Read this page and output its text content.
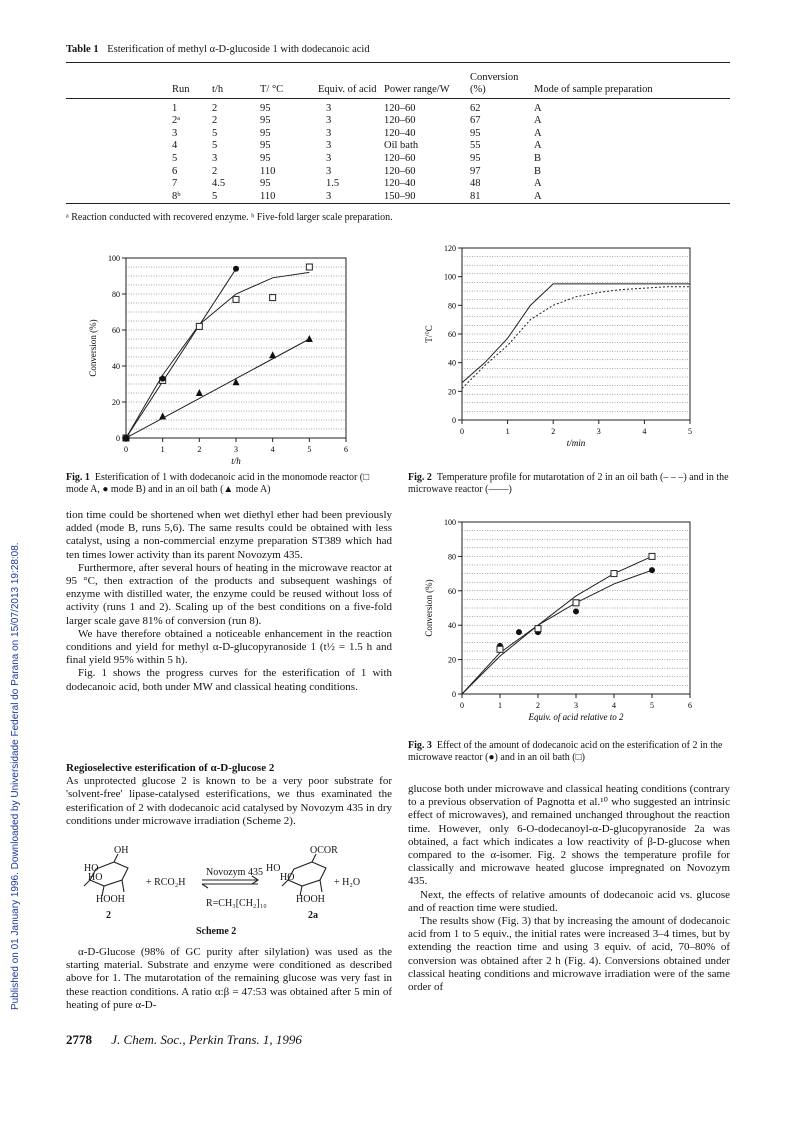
Published on 01 January 1996. Downloaded by Universidade Federal do Parana on 15/07/2013 19:28:08.
Table 1 Esterification of methyl α-D-glucoside 1 with dodecanoic acid
Run	t/h	T/ °C	Equiv. of acid	Power range/W	Conversion (%)	Mode of sample preparation
1	2	95	3	120–60	62	A
2ᵃ	2	95	3	120–60	67	A
3	5	95	3	120–40	95	A
4	5	95	3	Oil bath	55	A
5	3	95	3	120–60	95	B
6	2	110	3	120–60	97	B
7	4.5	95	1.5	120–40	48	A
8ᵇ	5	110	3	150–90	81	A
ᵃ Reaction conducted with recovered enzyme. ᵇ Five-fold larger scale preparation.
0	1	2	3	4	5	6
0
20
40
60
80
100
t/h
Conversion (%)
Fig. 1 Esterification of 1 with dodecanoic acid in the monomode reactor (□ mode A, ● mode B) and in an oil bath (▲ mode A)
0	1	2	3	4	5
0
20
40
60
80
100
120
t/min
T/°C
Fig. 2 Temperature profile for mutarotation of 2 in an oil bath (– – –) and in the microwave reactor (——)
0	1	2	3	4	5	6
0
20
40
60
80
100
Equiv. of acid relative to 2
Conversion (%)
Fig. 3 Effect of the amount of dodecanoic acid on the esterification of 2 in the microwave reactor (●) and in an oil bath (□)

tion time could be shortened when wet diethyl ether had been previously added (mode B, runs 5,6). The same results could be obtained with less catalyst, using a non-commercial enzyme preparation ST389 which had ten times lower activity than its parent Novozym 435.

Furthermore, after several hours of heating in the microwave reactor at 95 °C, then extraction of the products and subsequent washings of enzyme with distilled water, the enzyme could be reused without loss of activity (runs 1 and 2). Scaling up of the best conditions on a five-fold larger scale gave 81% of conversion (run 8).

We have therefore obtained a noticeable enhancement in the reaction conditions and yield for methyl α-D-glucopyranoside 1 (t½ = 1.5 h and final yield 95% within 5 h).

Fig. 1 shows the progress curves for the esterification of 1 with dodecanoic acid, both under MW and classical heating conditions.

Regioselective esterification of α-D-glucose 2

As unprotected glucose 2 is known to be a very poor substrate for 'solvent-free' lipase-catalysed esterifications, we thus examinated the esterification of 2 with dodecanoic acid catalysed by Novozym 435 in dry conditions under microwave irradiation (Scheme 2).

OH
HO
HO
HOOH
2
+ RCO₂H
Novozym 435
OCOR
HO
HO
HOOH
2a
+ H₂O
R=CH₃[CH₂]₁₀
Scheme 2

α-D-Glucose (98% of GC purity after silylation) was used as the starting material. Substrate and enzyme were conditioned as described above for 1. The mutarotation of the remaining glucose was very fast in these reaction conditions. A ratio α:β = 47:53 was obtained after 5 min of heating of pure α-D-

glucose both under microwave and classical heating conditions (contrary to a previous observation of Pagnotta et al.¹⁰ who suggested an intrinsic effect of microwaves), and remained unchanged throughout the reaction time. However, only 6-O-dodecanoyl-α-D-glucopyranoside 2a was obtained, a fact which indicates a low reactivity of β-D-glucose when compared to the α-isomer. Fig. 2 shows the temperature profile for classically and microwave heated glucose impregnated on Novozym 435.

Next, the effects of relative amounts of dodecanoic acid vs. glucose and of reaction time were studied.

The results show (Fig. 3) that by increasing the amount of dodecanoic acid from 1 to 5 equiv., the initial rates were increased 3–4 times, but by extending the reaction time and using 3 equiv. of acid, 70–80% of conversion was obtained after 2 h (Fig. 4). Conversions obtained under classical heating conditions and microwave irradiation were of the same order of

2778 J. Chem. Soc., Perkin Trans. 1, 1996
